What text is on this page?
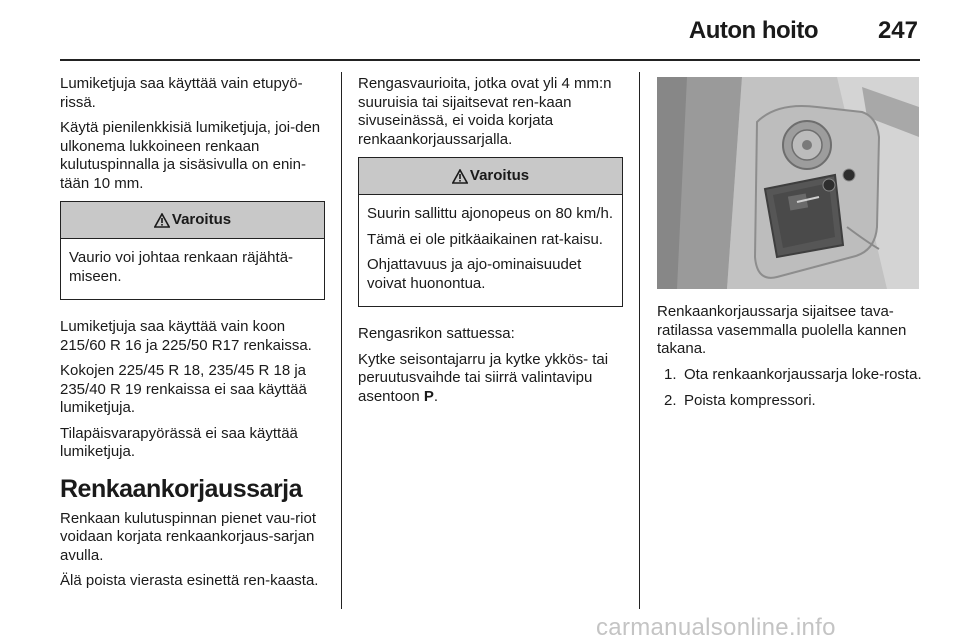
Auton hoito 247

Lumiketjuja saa käyttää vain etupyö-rissä.

Käytä pienilenkkisiä lumiketjuja, joi-den ulkonema lukkoineen renkaan kulutuspinnalla ja sisäsivulla on enin-tään 10 mm.

Varoitus

Vaurio voi johtaa renkaan räjähtä-miseen.

Lumiketjuja saa käyttää vain koon 215/60 R 16 ja 225/50 R17 renkaissa.

Kokojen 225/45 R 18, 235/45 R 18 ja 235/40 R 19 renkaissa ei saa käyttää lumiketjuja.

Tilapäisvarapyörässä ei saa käyttää lumiketjuja.

Renkaankorjaussarja

Renkaan kulutuspinnan pienet vau-riot voidaan korjata renkaankorjaus-sarjan avulla.

Älä poista vierasta esinettä ren-kaasta.

Rengasvaurioita, jotka ovat yli 4 mm:n suuruisia tai sijaitsevat ren-kaan sivuseinässä, ei voida korjata renkaankorjaussarjalla.

Varoitus

Suurin sallittu ajonopeus on 80 km/h.

Tämä ei ole pitkäaikainen rat-kaisu.

Ohjattavuus ja ajo-ominaisuudet voivat huonontua.

Rengasrikon sattuessa:

Kytke seisontajarru ja kytke ykkös- tai peruutusvaihde tai siirrä valintavipu asentoon P.

Renkaankorjaussarja sijaitsee tava-ratilassa vasemmalla puolella kannen takana.

1. Ota renkaankorjaussarja loke-rosta.
2. Poista kompressori.
carmanualsonline.info
